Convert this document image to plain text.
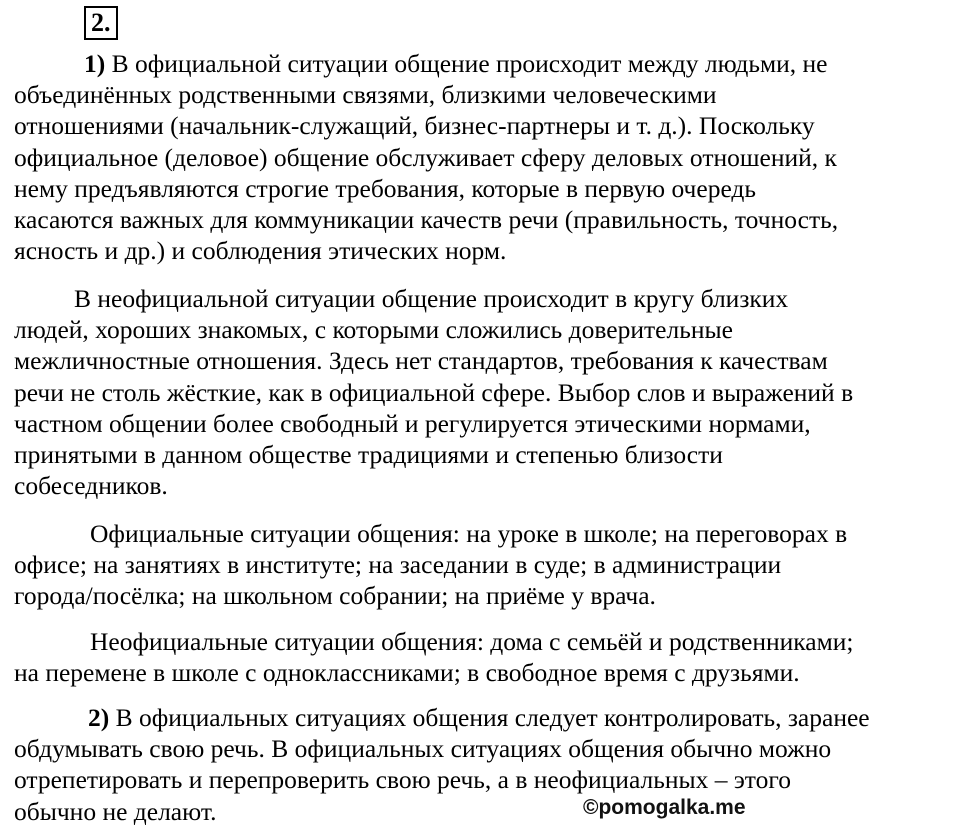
2.

1) В официальной ситуации общение происходит между людьми, не
объединённых родственными связями, близкими человеческими
отношениями (начальник-служащий, бизнес-партнеры и т. д.). Поскольку
официальное (деловое) общение обслуживает сферу деловых отношений, к
нему предъявляются строгие требования, которые в первую очередь
касаются важных для коммуникации качеств речи (правильность, точность,
ясность и др.) и соблюдения этических норм.

В неофициальной ситуации общение происходит в кругу близких
людей, хороших знакомых, с которыми сложились доверительные
межличностные отношения. Здесь нет стандартов, требования к качествам
речи не столь жёсткие, как в официальной сфере. Выбор слов и выражений в
частном общении более свободный и регулируется этическими нормами,
принятыми в данном обществе традициями и степенью близости
собеседников.

Официальные ситуации общения: на уроке в школе; на переговорах в
офисе; на занятиях в институте; на заседании в суде; в администрации
города/посёлка; на школьном собрании; на приёме у врача.

Неофициальные ситуации общения: дома с семьёй и родственниками;
на перемене в школе с одноклассниками; в свободное время с друзьями.

2) В официальных ситуациях общения следует контролировать, заранее
обдумывать свою речь. В официальных ситуациях общения обычно можно
отрепетировать и перепроверить свою речь, а в неофициальных – этого
обычно не делают.	©pomogalka.me
